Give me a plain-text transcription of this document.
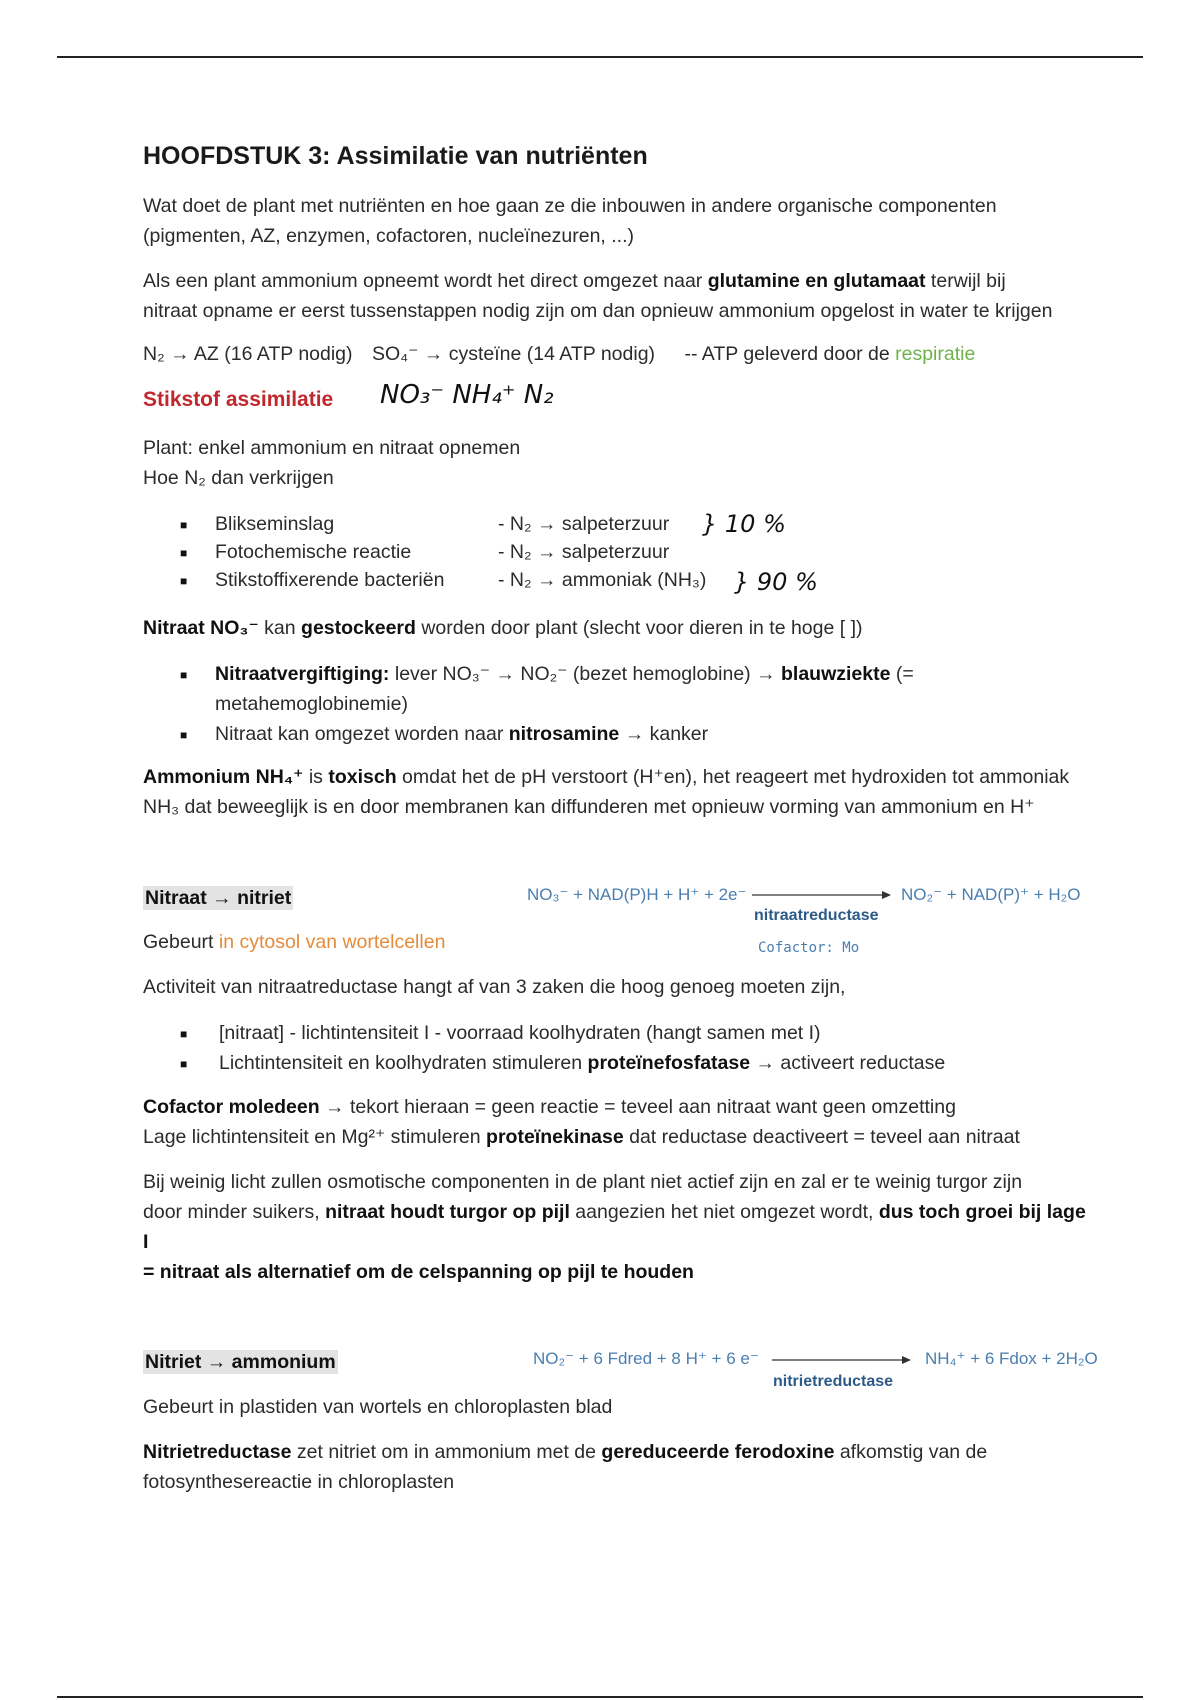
HOOFDSTUK 3: Assimilatie van nutriënten
Wat doet de plant met nutriënten en hoe gaan ze die inbouwen in andere organische componenten
(pigmenten, AZ, enzymen, cofactoren, nucleïnezuren, ...)
Als een plant ammonium opneemt wordt het direct omgezet naar glutamine en glutamaat terwijl bij
nitraat opname er eerst tussenstappen nodig zijn om dan opnieuw ammonium opgelost in water te krijgen
N₂ → AZ (16 ATP nodig) SO₄⁻ → cysteïne (14 ATP nodig) -- ATP geleverd door de respiratie
Stikstof assimilatie NO₃⁻ NH₄⁺ N₂
Plant: enkel ammonium en nitraat opnemen
Hoe N₂ dan verkrijgen
■ Blikseminslag	- N₂ → salpeterzuur
■ Fotochemische reactie	- N₂ → salpeterzuur
■ Stikstoffixerende bacteriën	- N₂ → ammoniak (NH₃)
} 10 %
} 90 %
Nitraat NO₃⁻ kan gestockeerd worden door plant (slecht voor dieren in te hoge [ ])
■ Nitraatvergiftiging: lever NO₃⁻ → NO₂⁻ (bezet hemoglobine) → blauwziekte (=
metahemoglobinemie)
■ Nitraat kan omgezet worden naar nitrosamine → kanker
Ammonium NH₄⁺ is toxisch omdat het de pH verstoort (H⁺en), het reageert met hydroxiden tot ammoniak
NH₃ dat beweeglijk is en door membranen kan diffunderen met opnieuw vorming van ammonium en H⁺
Nitraat → nitriet	NO₃⁻ + NAD(P)H + H⁺ + 2e⁻	NO₂⁻ + NAD(P)⁺ + H₂O
nitraatreductase
Cofactor: Mo
Gebeurt in cytosol van wortelcellen
Activiteit van nitraatreductase hangt af van 3 zaken die hoog genoeg moeten zijn,
■ [nitraat] - lichtintensiteit I - voorraad koolhydraten (hangt samen met I)
■ Lichtintensiteit en koolhydraten stimuleren proteïnefosfatase → activeert reductase
Cofactor moledeen → tekort hieraan = geen reactie = teveel aan nitraat want geen omzetting
Lage lichtintensiteit en Mg²⁺ stimuleren proteïnekinase dat reductase deactiveert = teveel aan nitraat
Bij weinig licht zullen osmotische componenten in de plant niet actief zijn en zal er te weinig turgor zijn
door minder suikers, nitraat houdt turgor op pijl aangezien het niet omgezet wordt, dus toch groei bij lage
I
= nitraat als alternatief om de celspanning op pijl te houden
Nitriet → ammonium	NO₂⁻ + 6 Fdred + 8 H⁺ + 6 e⁻	NH₄⁺ + 6 Fdox + 2H₂O
nitrietreductase
Gebeurt in plastiden van wortels en chloroplasten blad
Nitrietreductase zet nitriet om in ammonium met de gereduceerde ferodoxine afkomstig van de
fotosynthesereactie in chloroplasten
